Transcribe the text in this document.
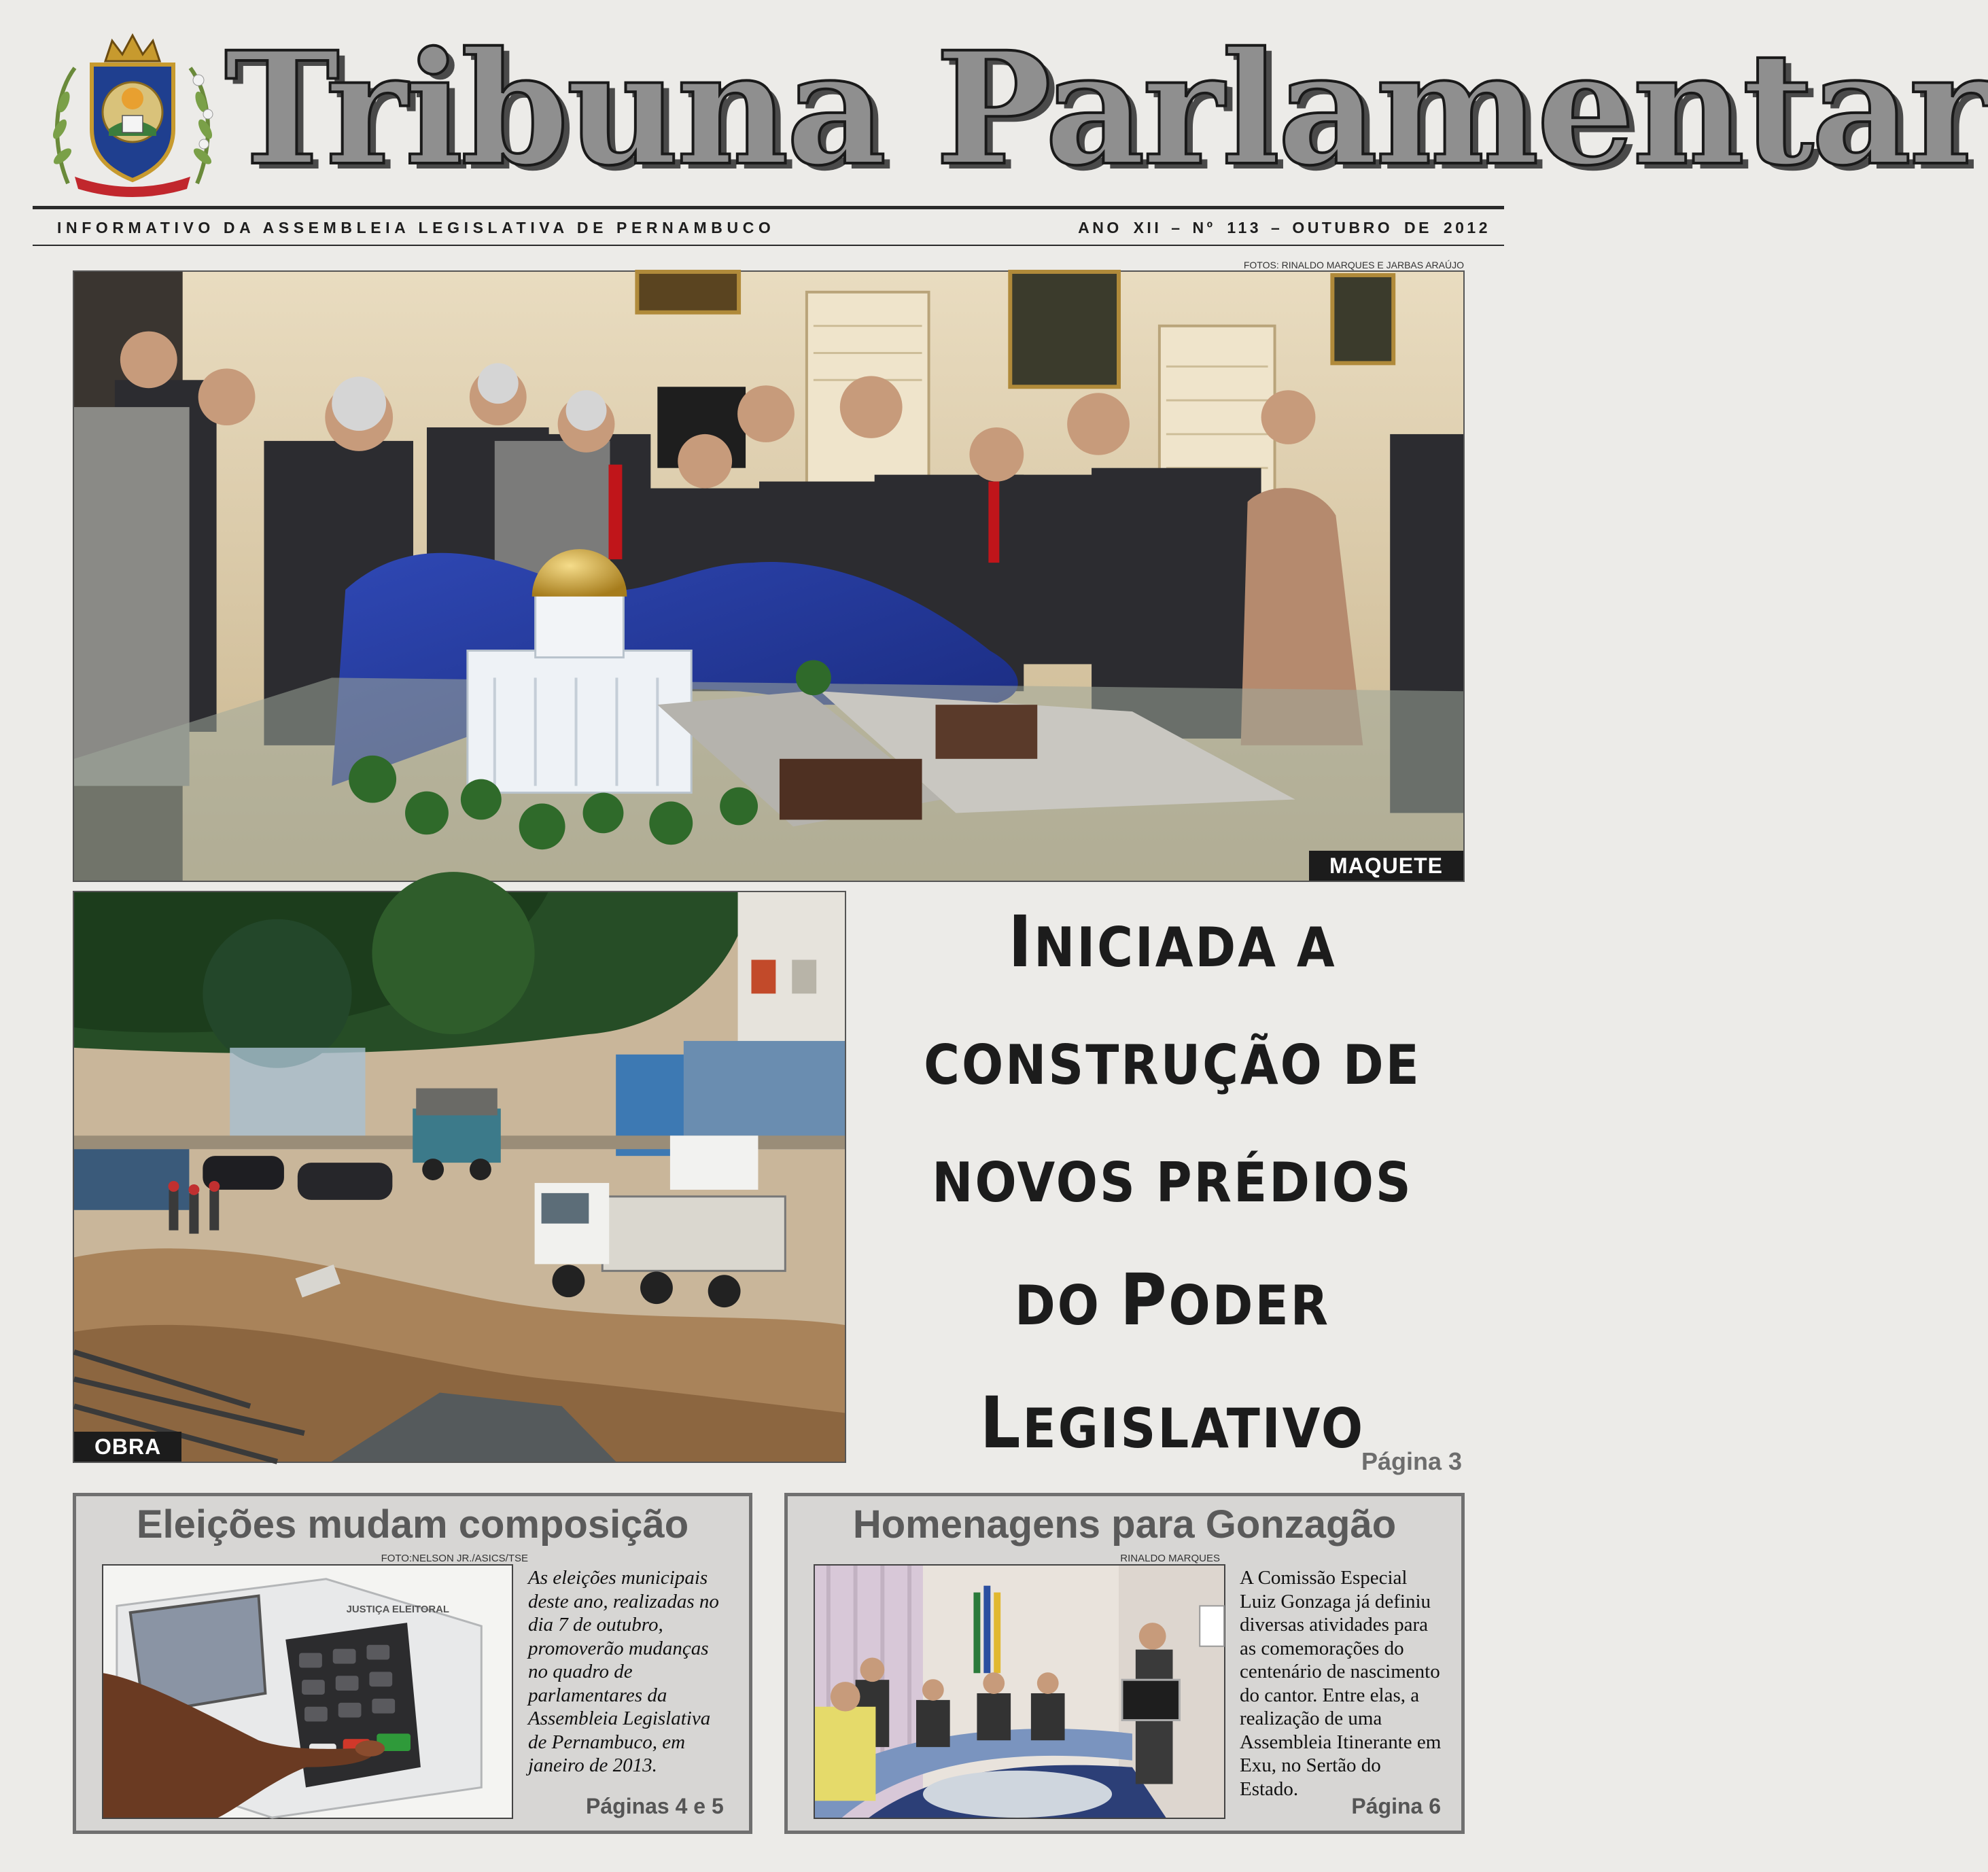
Tribuna Parlamentar
INFORMATIVO DA ASSEMBLEIA LEGISLATIVA DE PERNAMBUCO	ANO XII – Nº 113 – OUTUBRO DE 2012
FOTOS: RINALDO MARQUES E JARBAS ARAÚJO
MAQUETE
OBRA
INICIADA A
CONSTRUÇÃO DE
NOVOS PRÉDIOS
DO PODER
LEGISLATIVO
Página 3
Eleições mudam composição
FOTO:NELSON JR./ASICS/TSE
JUSTIÇA ELEITORAL
As eleições municipais deste ano, realizadas no dia 7 de outubro, promoverão mudanças no quadro de parlamentares da Assembleia Legislativa de Pernambuco, em janeiro de 2013.
Páginas 4 e 5
Homenagens para Gonzagão
RINALDO MARQUES
A Comissão Especial Luiz Gonzaga já definiu diversas atividades para as comemorações do centenário de nascimento do cantor. Entre elas, a realização de uma Assembleia Itinerante em Exu, no Sertão do Estado.
Página 6
